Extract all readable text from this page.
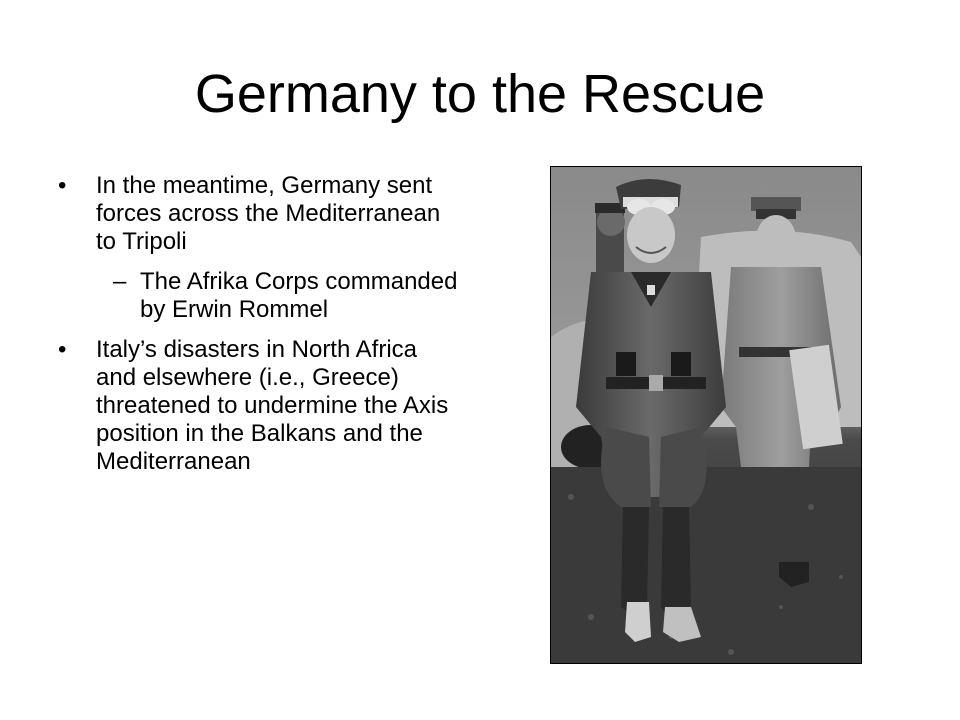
Germany to the Rescue
•	In the meantime, Germany sent forces across the Mediterranean to Tripoli
– The Afrika Corps commanded by Erwin Rommel
•	Italy’s disasters in North Africa and elsewhere (i.e., Greece) threatened to undermine the Axis position in the Balkans and the Mediterranean
